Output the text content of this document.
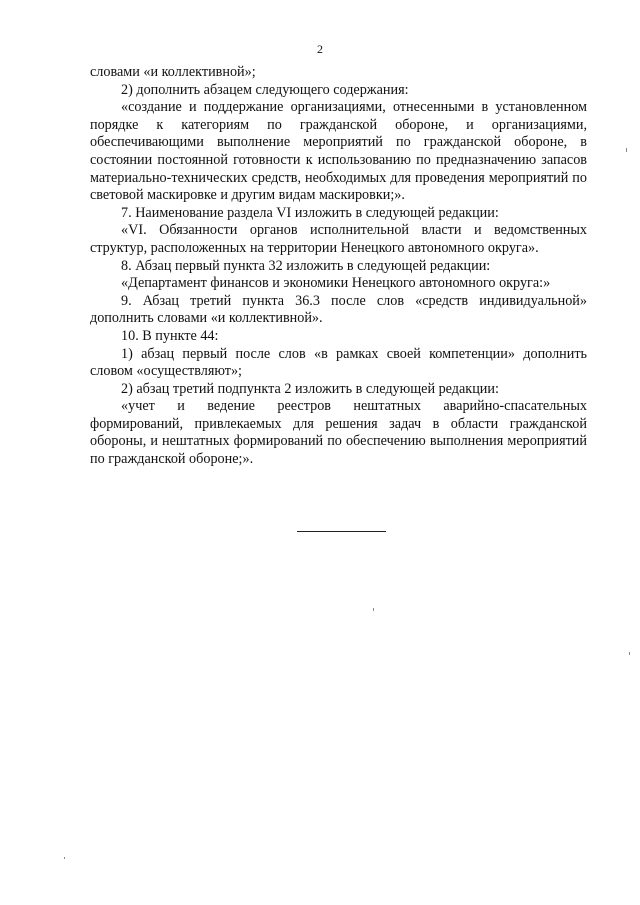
2

словами «и коллективной»;

2) дополнить абзацем следующего содержания:

«создание и поддержание организациями, отнесенными в установленном порядке к категориям по гражданской обороне, и организациями, обеспечивающими выполнение мероприятий по гражданской обороне, в состоянии постоянной готовности к использованию по предназначению запасов материально-технических средств, необходимых для проведения мероприятий по световой маскировке и другим видам маскировки;».

7. Наименование раздела VI изложить в следующей редакции:

«VI. Обязанности органов исполнительной власти и ведомственных структур, расположенных на территории Ненецкого автономного округа».

8. Абзац первый пункта 32 изложить в следующей редакции:

«Департамент финансов и экономики Ненецкого автономного округа:»

9. Абзац третий пункта 36.3 после слов «средств индивидуальной» дополнить словами «и коллективной».

10. В пункте 44:

1) абзац первый после слов «в рамках своей компетенции» дополнить словом «осуществляют»;

2) абзац третий подпункта 2 изложить в следующей редакции:

«учет и ведение реестров нештатных аварийно-спасательных формирований, привлекаемых для решения задач в области гражданской обороны, и нештатных формирований по обеспечению выполнения мероприятий по гражданской обороне;».
